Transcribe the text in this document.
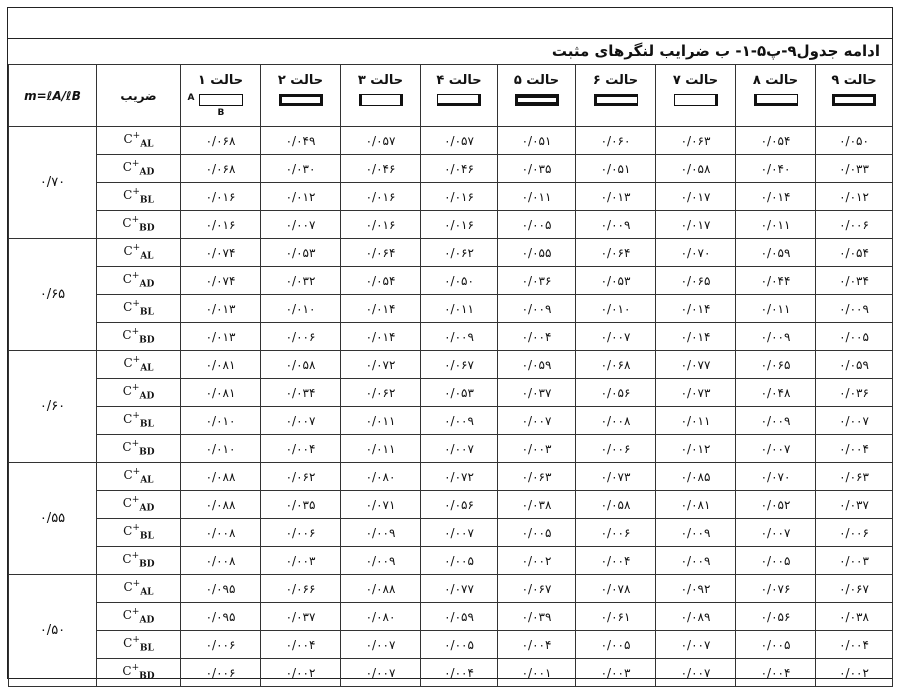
ادامه جدول۹-پ۵-۱- ب ضرایب لنگرهای مثبت
m=ℓA/ℓB	ضریب	حالت ۱
A
B	حالت ۲	حالت ۳	حالت ۴	حالت ۵	حالت ۶	حالت ۷	حالت ۸	حالت ۹

۰/۷۰	$C^+_{AL}$	۰/۰۶۸	۰/۰۴۹	۰/۰۵۷	۰/۰۵۷	۰/۰۵۱	۰/۰۶۰	۰/۰۶۳	۰/۰۵۴	۰/۰۵۰
	$C^+_{AD}$	۰/۰۶۸	۰/۰۳۰	۰/۰۴۶	۰/۰۴۶	۰/۰۳۵	۰/۰۵۱	۰/۰۵۸	۰/۰۴۰	۰/۰۳۳
	$C^+_{BL}$	۰/۰۱۶	۰/۰۱۲	۰/۰۱۶	۰/۰۱۶	۰/۰۱۱	۰/۰۱۳	۰/۰۱۷	۰/۰۱۴	۰/۰۱۲
	$C^+_{BD}$	۰/۰۱۶	۰/۰۰۷	۰/۰۱۶	۰/۰۱۶	۰/۰۰۵	۰/۰۰۹	۰/۰۱۷	۰/۰۱۱	۰/۰۰۶
۰/۶۵	$C^+_{AL}$	۰/۰۷۴	۰/۰۵۳	۰/۰۶۴	۰/۰۶۲	۰/۰۵۵	۰/۰۶۴	۰/۰۷۰	۰/۰۵۹	۰/۰۵۴
	$C^+_{AD}$	۰/۰۷۴	۰/۰۳۲	۰/۰۵۴	۰/۰۵۰	۰/۰۳۶	۰/۰۵۳	۰/۰۶۵	۰/۰۴۴	۰/۰۳۴
	$C^+_{BL}$	۰/۰۱۳	۰/۰۱۰	۰/۰۱۴	۰/۰۱۱	۰/۰۰۹	۰/۰۱۰	۰/۰۱۴	۰/۰۱۱	۰/۰۰۹
	$C^+_{BD}$	۰/۰۱۳	۰/۰۰۶	۰/۰۱۴	۰/۰۰۹	۰/۰۰۴	۰/۰۰۷	۰/۰۱۴	۰/۰۰۹	۰/۰۰۵
۰/۶۰	$C^+_{AL}$	۰/۰۸۱	۰/۰۵۸	۰/۰۷۲	۰/۰۶۷	۰/۰۵۹	۰/۰۶۸	۰/۰۷۷	۰/۰۶۵	۰/۰۵۹
	$C^+_{AD}$	۰/۰۸۱	۰/۰۳۴	۰/۰۶۲	۰/۰۵۳	۰/۰۳۷	۰/۰۵۶	۰/۰۷۳	۰/۰۴۸	۰/۰۳۶
	$C^+_{BL}$	۰/۰۱۰	۰/۰۰۷	۰/۰۱۱	۰/۰۰۹	۰/۰۰۷	۰/۰۰۸	۰/۰۱۱	۰/۰۰۹	۰/۰۰۷
	$C^+_{BD}$	۰/۰۱۰	۰/۰۰۴	۰/۰۱۱	۰/۰۰۷	۰/۰۰۳	۰/۰۰۶	۰/۰۱۲	۰/۰۰۷	۰/۰۰۴
۰/۵۵	$C^+_{AL}$	۰/۰۸۸	۰/۰۶۲	۰/۰۸۰	۰/۰۷۲	۰/۰۶۳	۰/۰۷۳	۰/۰۸۵	۰/۰۷۰	۰/۰۶۳
	$C^+_{AD}$	۰/۰۸۸	۰/۰۳۵	۰/۰۷۱	۰/۰۵۶	۰/۰۳۸	۰/۰۵۸	۰/۰۸۱	۰/۰۵۲	۰/۰۳۷
	$C^+_{BL}$	۰/۰۰۸	۰/۰۰۶	۰/۰۰۹	۰/۰۰۷	۰/۰۰۵	۰/۰۰۶	۰/۰۰۹	۰/۰۰۷	۰/۰۰۶
	$C^+_{BD}$	۰/۰۰۸	۰/۰۰۳	۰/۰۰۹	۰/۰۰۵	۰/۰۰۲	۰/۰۰۴	۰/۰۰۹	۰/۰۰۵	۰/۰۰۳
۰/۵۰	$C^+_{AL}$	۰/۰۹۵	۰/۰۶۶	۰/۰۸۸	۰/۰۷۷	۰/۰۶۷	۰/۰۷۸	۰/۰۹۲	۰/۰۷۶	۰/۰۶۷
	$C^+_{AD}$	۰/۰۹۵	۰/۰۳۷	۰/۰۸۰	۰/۰۵۹	۰/۰۳۹	۰/۰۶۱	۰/۰۸۹	۰/۰۵۶	۰/۰۳۸
	$C^+_{BL}$	۰/۰۰۶	۰/۰۰۴	۰/۰۰۷	۰/۰۰۵	۰/۰۰۴	۰/۰۰۵	۰/۰۰۷	۰/۰۰۵	۰/۰۰۴
	$C^+_{BD}$	۰/۰۰۶	۰/۰۰۲	۰/۰۰۷	۰/۰۰۴	۰/۰۰۱	۰/۰۰۳	۰/۰۰۷	۰/۰۰۴	۰/۰۰۲
